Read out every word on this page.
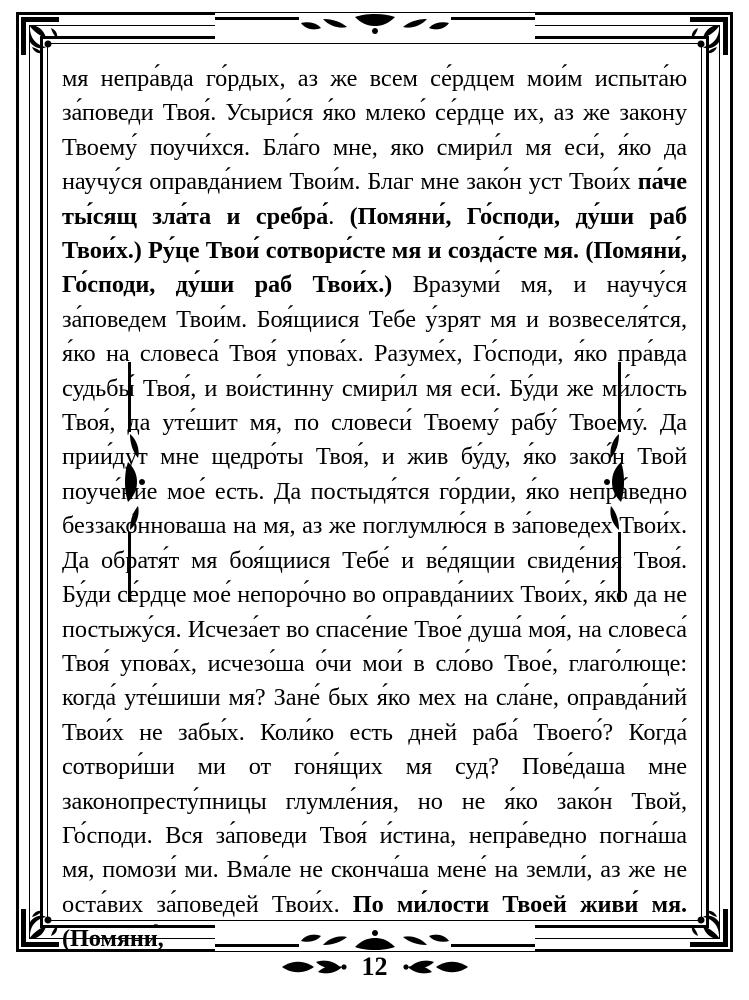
мя непра́вда го́рдых, аз же всем се́рдцем мои́м испыта́ю за́поведи Твоя́. Усыри́ся я́ко млеко́ се́рдце их, аз же закону Твоему́ поучи́хся. Бла́го мне, яко смири́л мя еси́, я́ко да научу́ся оправда́нием Твои́м. Благ мне зако́н уст Твои́х па́че ты́сящ зла́та и сребра́. (Помяни́, Го́споди, ду́ши раб Твои́х.) Ру́це Твои́ сотвори́сте мя и созда́сте мя. (Помяни́, Го́споди, ду́ши раб Твои́х.) Вразуми́ мя, и научу́ся за́поведем Твои́м. Боя́щиися Тебе у́зрят мя и возвеселя́тся, я́ко на словеса́ Твоя́ упова́х. Разуме́х, Го́споди, я́ко пра́вда судьбы́ Твоя́, и вои́стинну смири́л мя еси́. Бу́ди же ми́лость Твоя́, да уте́шит мя, по словеси́ Твоему́ рабу́ Твоему́. Да прии́дут мне щедро́ты Твоя́, и жив бу́ду, я́ко зако́н Твой поуче́ние мое́ есть. Да постыдя́тся го́рдии, я́ко непра́ведно беззако́нноваша на мя, аз же поглумлю́ся в за́поведех Твои́х. Да обратя́т мя боя́щиися Тебе́ и ве́дящии свиде́ния Твоя́. Бу́ди се́рдце мое́ непоро́чно во оправда́ниих Твои́х, я́ко да не постыжу́ся. Исчеза́ет во спасе́ние Твое́ душа́ моя́, на словеса́ Твоя́ упова́х, исчезо́ша о́чи мои́ в сло́во Твое́, глаго́люще: когда́ уте́шиши мя? Зане́ бых я́ко мех на сла́не, оправда́ний Твои́х не забы́х. Коли́ко есть дней раба́ Твоего́? Когда́ сотвори́ши ми от гоня́щих мя суд? Пове́даша мне законопресту́пницы глумле́ния, но не я́ко зако́н Твой, Го́споди. Вся за́поведи Твоя́ и́стина, непра́ведно погна́ша мя, помози́ ми. Вма́ле не сконча́ша мене́ на земли́, аз же не оста́вих за́поведей Твои́х. По ми́лости Твоей живи́ мя. (Помяни́,
12
